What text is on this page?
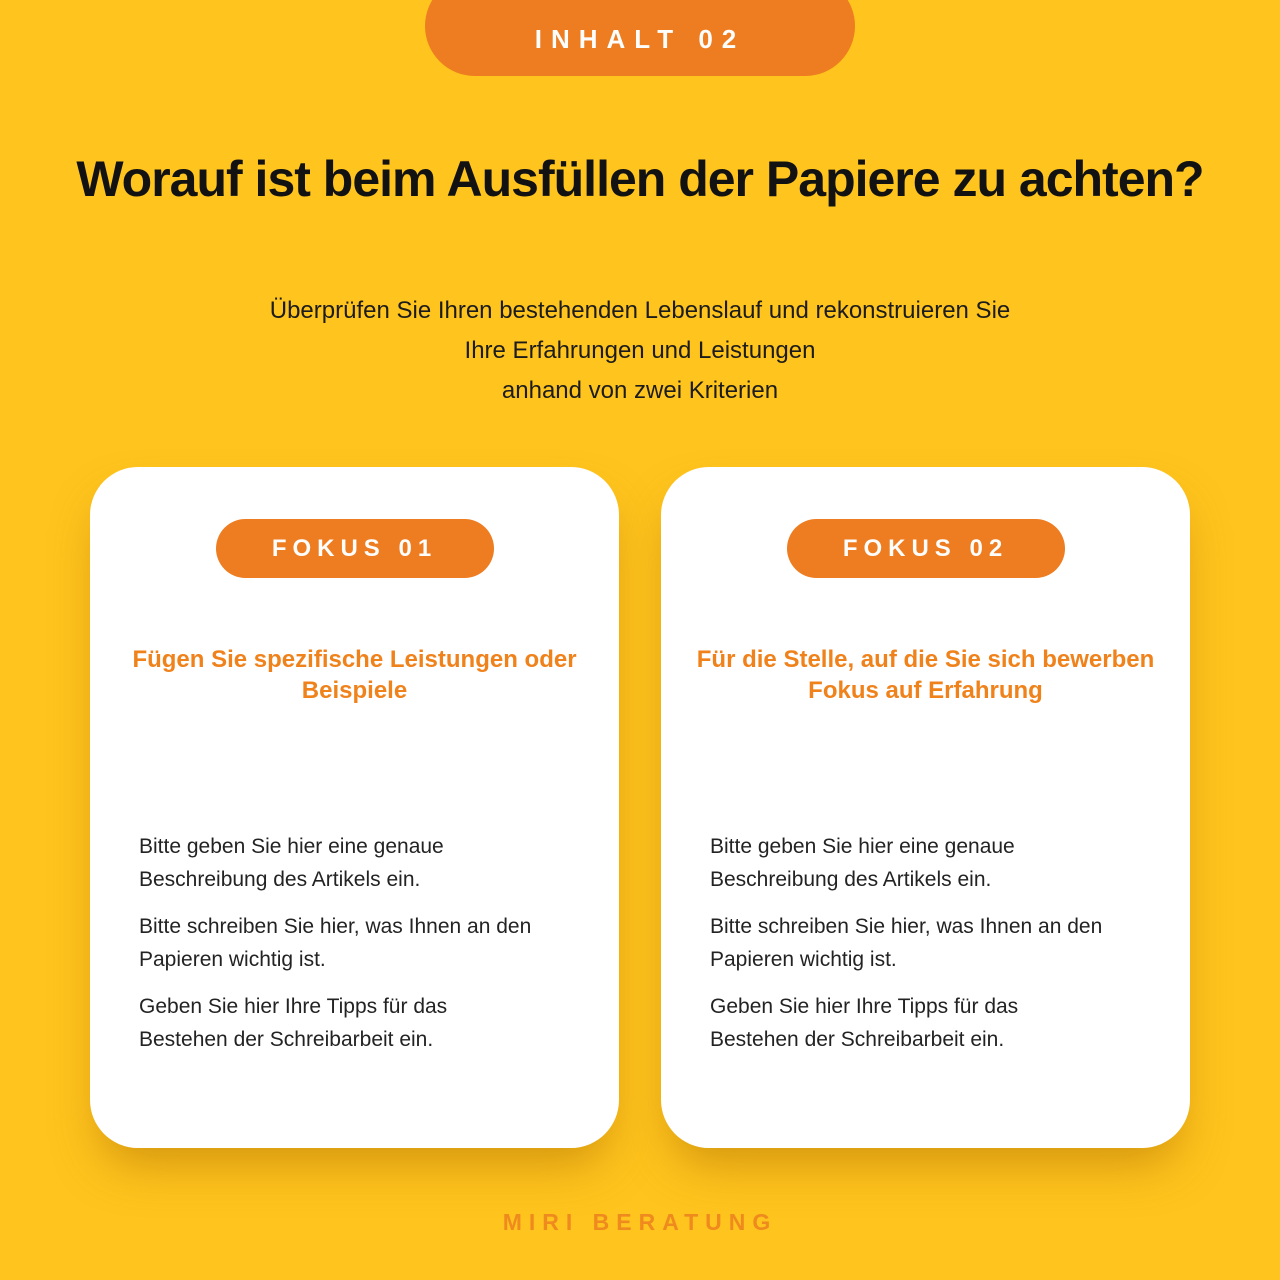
INHALT 02
Worauf ist beim Ausfüllen der Papiere zu achten?
Überprüfen Sie Ihren bestehenden Lebenslauf und rekonstruieren Sie
Ihre Erfahrungen und Leistungen
anhand von zwei Kriterien
FOKUS 01
Fügen Sie spezifische Leistungen oder
Beispiele

Bitte geben Sie hier eine genaue
Beschreibung des Artikels ein.

Bitte schreiben Sie hier, was Ihnen an den
Papieren wichtig ist.

Geben Sie hier Ihre Tipps für das
Bestehen der Schreibarbeit ein.

FOKUS 02
Für die Stelle, auf die Sie sich bewerben
Fokus auf Erfahrung

Bitte geben Sie hier eine genaue
Beschreibung des Artikels ein.

Bitte schreiben Sie hier, was Ihnen an den
Papieren wichtig ist.

Geben Sie hier Ihre Tipps für das
Bestehen der Schreibarbeit ein.

MIRI BERATUNG
